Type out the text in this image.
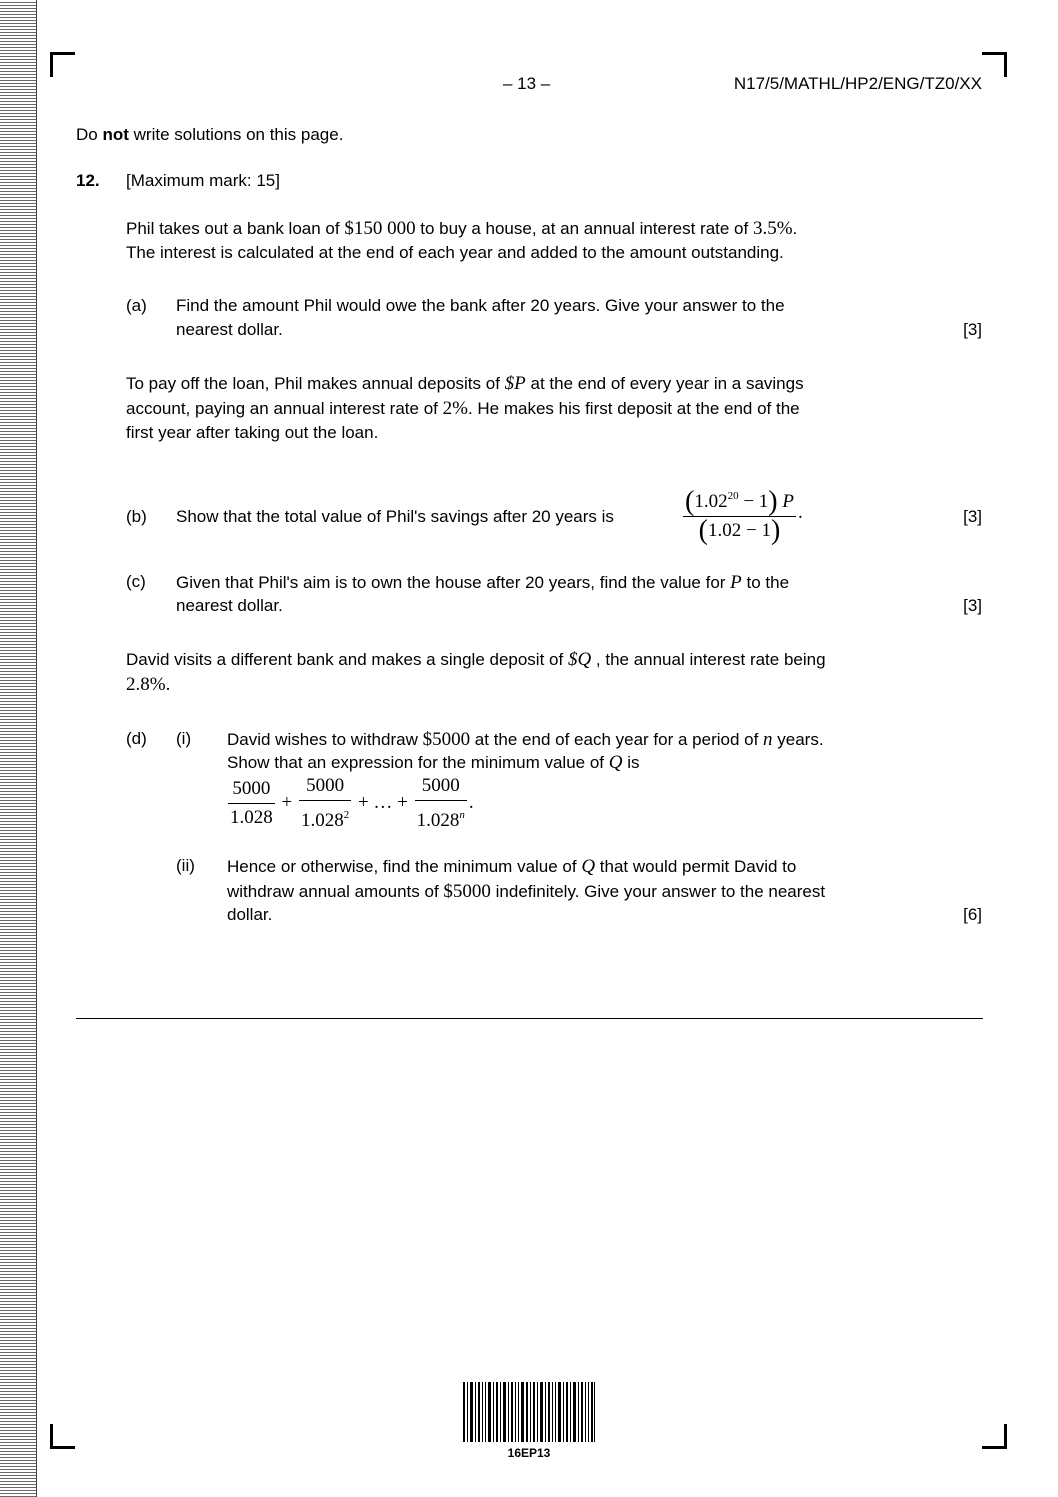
– 13 –	N17/5/MATHL/HP2/ENG/TZ0/XX
Do not write solutions on this page.
12. [Maximum mark: 15]
Phil takes out a bank loan of $150 000 to buy a house, at an annual interest rate of 3.5%.
The interest is calculated at the end of each year and added to the amount outstanding.
(a) Find the amount Phil would owe the bank after 20 years. Give your answer to the
nearest dollar.	[3]
To pay off the loan, Phil makes annual deposits of $P at the end of every year in a savings
account, paying an annual interest rate of 2%. He makes his first deposit at the end of the
first year after taking out the loan.
(b) Show that the total value of Phil's savings after 20 years is $\frac{(1.02^{20} - 1) P}{(1.02 - 1)}$ .	[3]
(c) Given that Phil's aim is to own the house after 20 years, find the value for P to the
nearest dollar.	[3]
David visits a different bank and makes a single deposit of $Q , the annual interest rate being
2.8%.
(d) (i) David wishes to withdraw $5000 at the end of each year for a period of n years.
Show that an expression for the minimum value of Q is
$\frac{5000}{1.028} + \frac{5000}{1.028^2}$ + … + $\frac{5000}{1.028^n}$ .
(ii) Hence or otherwise, find the minimum value of Q that would permit David to
withdraw annual amounts of $5000 indefinitely. Give your answer to the nearest
dollar.	[6]
16EP13
